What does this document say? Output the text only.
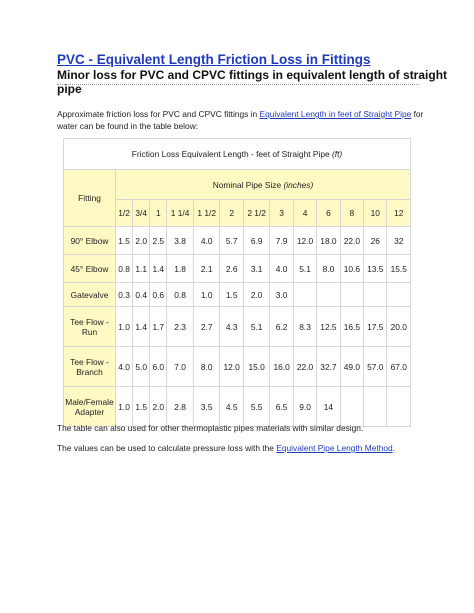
PVC - Equivalent Length Friction Loss in Fittings
Minor loss for PVC and CPVC fittings in equivalent length of straight pipe
Approximate friction loss for PVC and CPVC fittings in Equivalent Length in feet of Straight Pipe for water can be found in the table below:
Friction Loss Equivalent Length - feet of Straight Pipe (ft)													
Fitting	Nominal Pipe Size (inches)												
	1/2	3/4	1	1 1/4	1 1/2	2	2 1/2	3	4	6	8	10	12
90° Elbow	1.5	2.0	2.5	3.8	4.0	5.7	6.9	7.9	12.0	18.0	22.0	26	32
45° Elbow	0.8	1.1	1.4	1.8	2.1	2.6	3.1	4.0	5.1	8.0	10.6	13.5	15.5
Gatevalve	0.3	0.4	0.6	0.8	1.0	1.5	2.0	3.0					
Tee Flow - Run	1.0	1.4	1.7	2.3	2.7	4.3	5.1	6.2	8.3	12.5	16.5	17.5	20.0
Tee Flow - Branch	4.0	5.0	6.0	7.0	8.0	12.0	15.0	16.0	22.0	32.7	49.0	57.0	67.0
Male/Female Adapter	1.0	1.5	2.0	2.8	3.5	4.5	5.5	6.5	9.0	14			
The table can also used for other thermoplastic pipes materials with similar design.
The values can be used to calculate pressure loss with the Equivalent Pipe Length Method.
